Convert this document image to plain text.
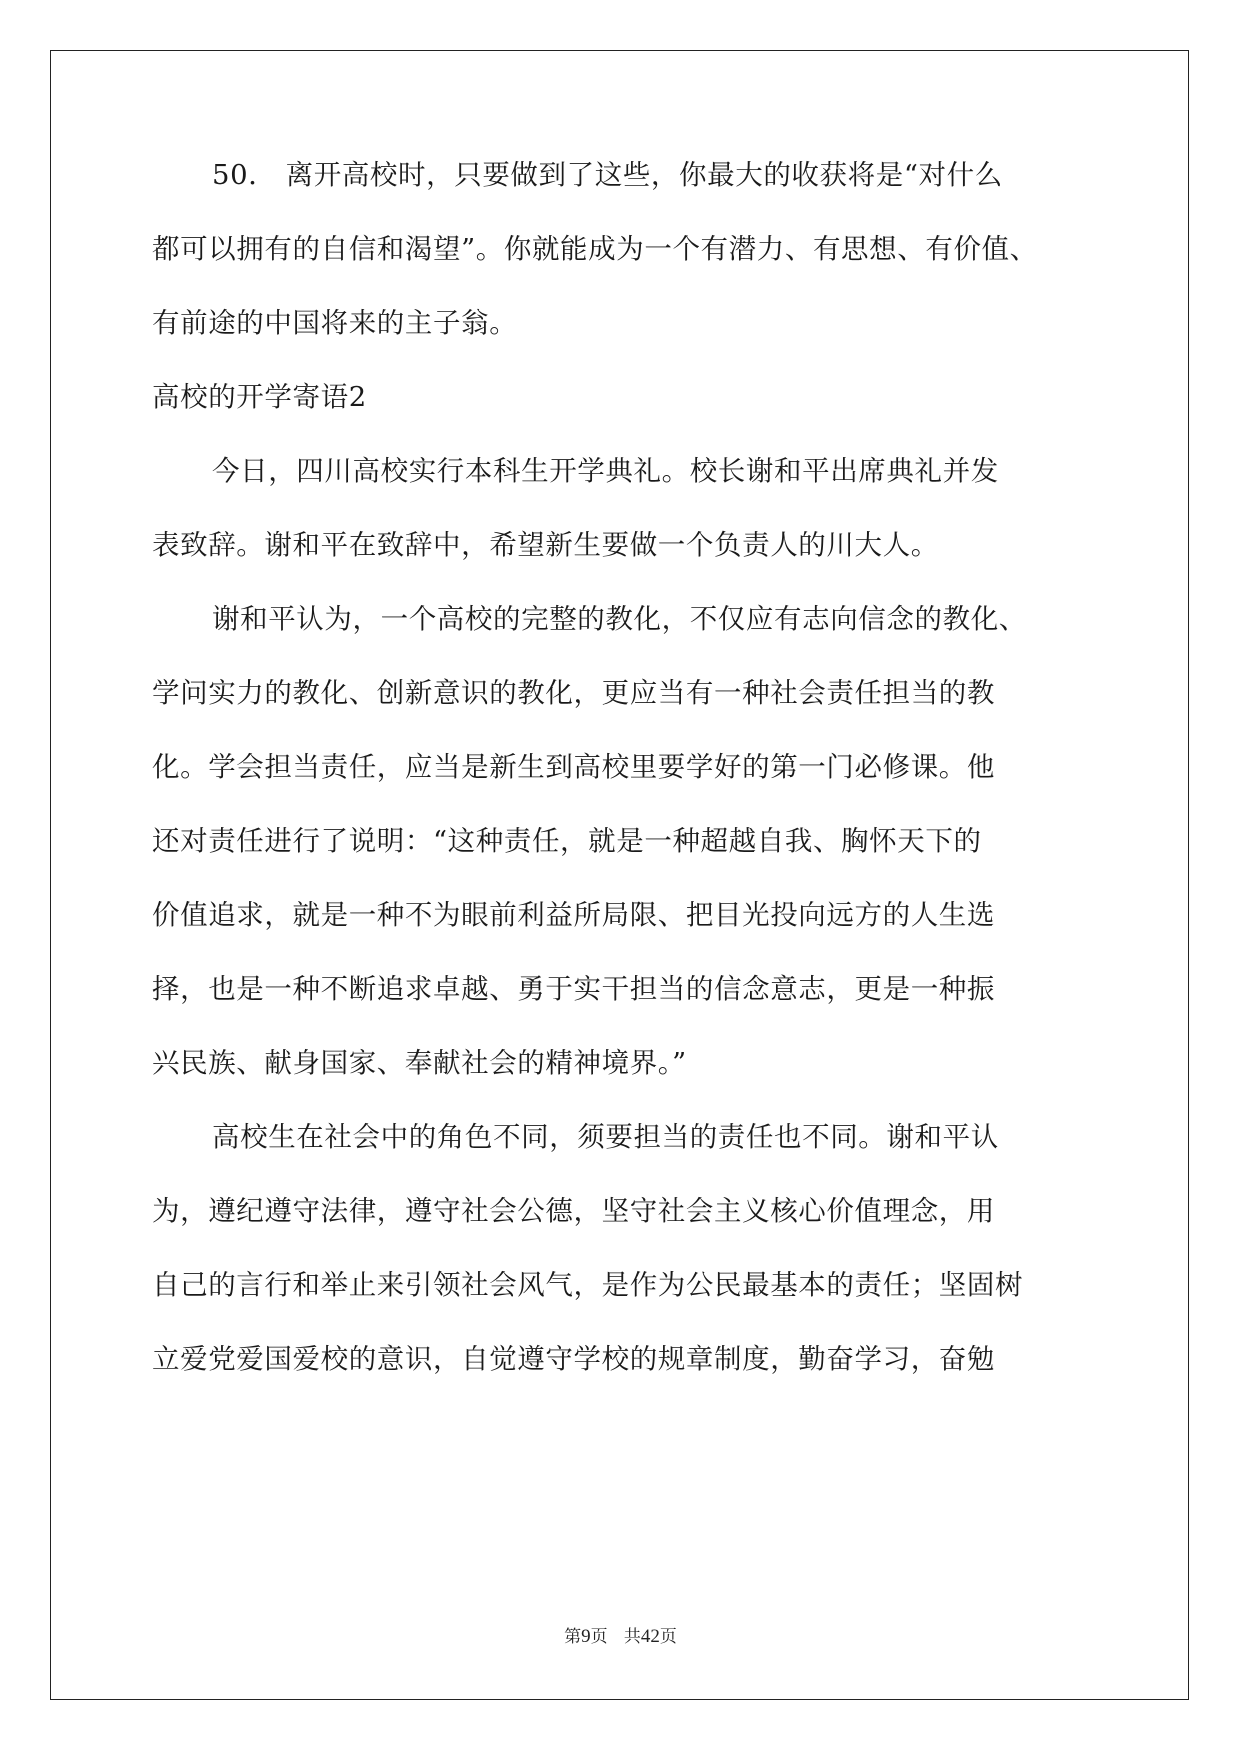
50． 离开高校时，只要做到了这些，你最大的收获将是“对什么
都可以拥有的自信和渴望”。你就能成为一个有潜力、有思想、有价值、
有前途的中国将来的主子翁。
高校的开学寄语2
今日，四川高校实行本科生开学典礼。校长谢和平出席典礼并发
表致辞。谢和平在致辞中，希望新生要做一个负责人的川大人。
谢和平认为，一个高校的完整的教化，不仅应有志向信念的教化、
学问实力的教化、创新意识的教化，更应当有一种社会责任担当的教
化。学会担当责任，应当是新生到高校里要学好的第一门必修课。他
还对责任进行了说明：“这种责任，就是一种超越自我、胸怀天下的
价值追求，就是一种不为眼前利益所局限、把目光投向远方的人生选
择，也是一种不断追求卓越、勇于实干担当的信念意志，更是一种振
兴民族、献身国家、奉献社会的精神境界。”
高校生在社会中的角色不同，须要担当的责任也不同。谢和平认
为，遵纪遵守法律，遵守社会公德，坚守社会主义核心价值理念，用
自己的言行和举止来引领社会风气，是作为公民最基本的责任；坚固树
立爱党爱国爱校的意识，自觉遵守学校的规章制度，勤奋学习，奋勉
第9页 共42页
